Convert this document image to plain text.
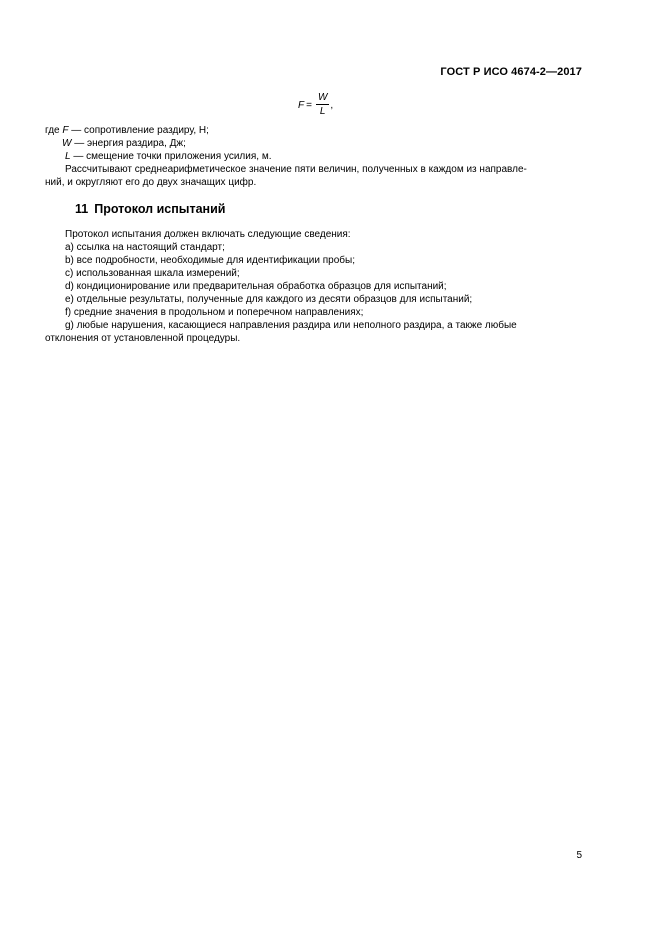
ГОСТ Р ИСО 4674-2—2017
$F = \frac{W}{L}$ ,
где F — сопротивление раздиру, Н;
W — энергия раздира, Дж;
L — смещение точки приложения усилия, м.
Рассчитывают среднеарифметическое значение пяти величин, полученных в каждом из направле-
ний, и округляют его до двух значащих цифр.
11 Протокол испытаний
Протокол испытания должен включать следующие сведения:
a) ссылка на настоящий стандарт;
b) все подробности, необходимые для идентификации пробы;
c) использованная шкала измерений;
d) кондиционирование или предварительная обработка образцов для испытаний;
e) отдельные результаты, полученные для каждого из десяти образцов для испытаний;
f) средние значения в продольном и поперечном направлениях;
g) любые нарушения, касающиеся направления раздира или неполного раздира, а также любые
отклонения от установленной процедуры.
5
